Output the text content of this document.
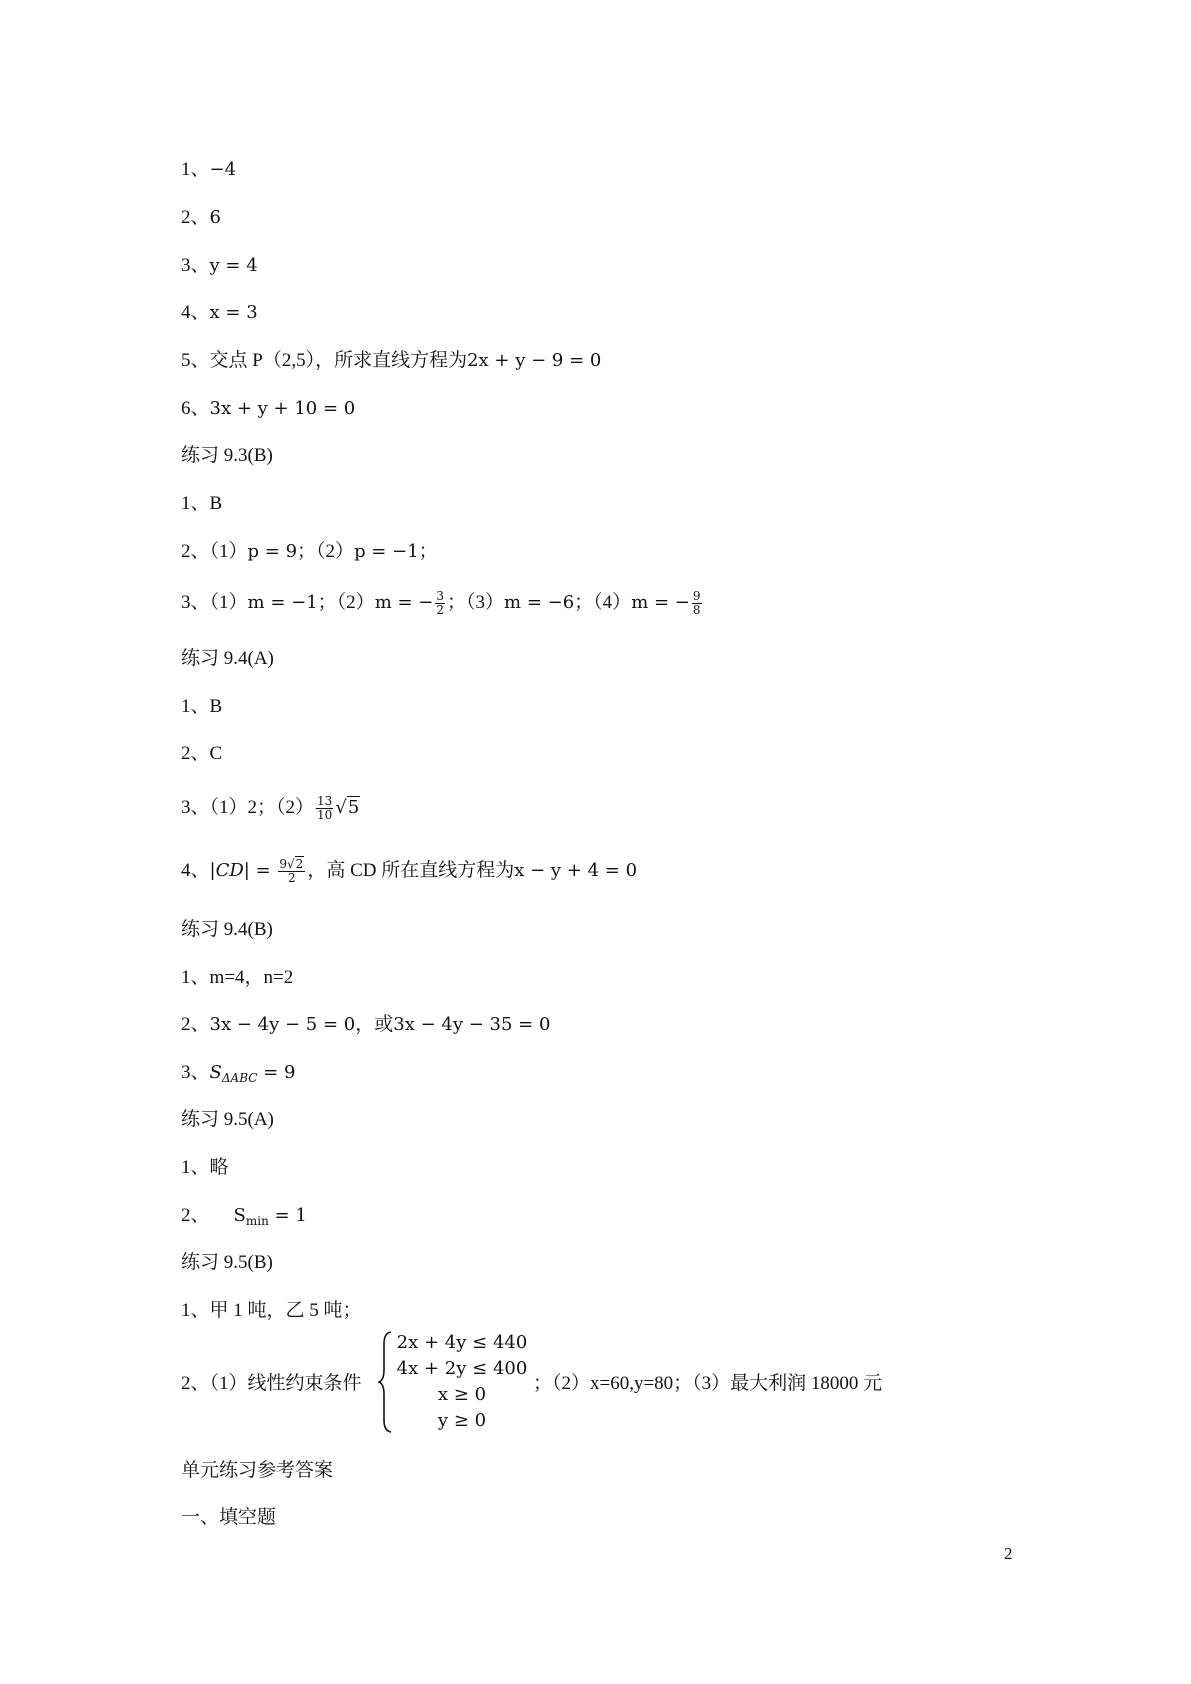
1、−4
2、6
3、y = 4
4、x = 3
5、交点 P（2,5），所求直线方程为2x + y − 9 = 0
6、3x + y + 10 = 0
练习 9.3(B)
1、B
2、（1）p = 9；（2）p = −1；
3、（1）m = −1；（2）m = − $\frac{3}{2}$ ；（3）m = −6；（4）m = − $\frac{9}{8}$
练习 9.4(A)
1、B
2、C
3、（1）2；$(2) \frac{13}{10} √5$
4、$|CD| = \frac{9√2}{2}$ ，高 CD 所在直线方程为x − y + 4 = 0
练习 9.4(B)
1、m=4，n=2
2、3x − 4y − 5 = 0，或3x − 4y − 35 = 0
3、$S_{\Delta ABC} = 9$
练习 9.5(A)
1、略
2、 $S_{min} = 1$
练习 9.5(B)
1、甲 1 吨，乙 5 吨；
2、（1）线性约束条件
2x + 4y ≤ 440
4x + 2y ≤ 400
x ≥ 0
y ≥ 0
；（2）x=60,y=80；（3）最大利润 18000 元
单元练习参考答案
一、填空题
2
